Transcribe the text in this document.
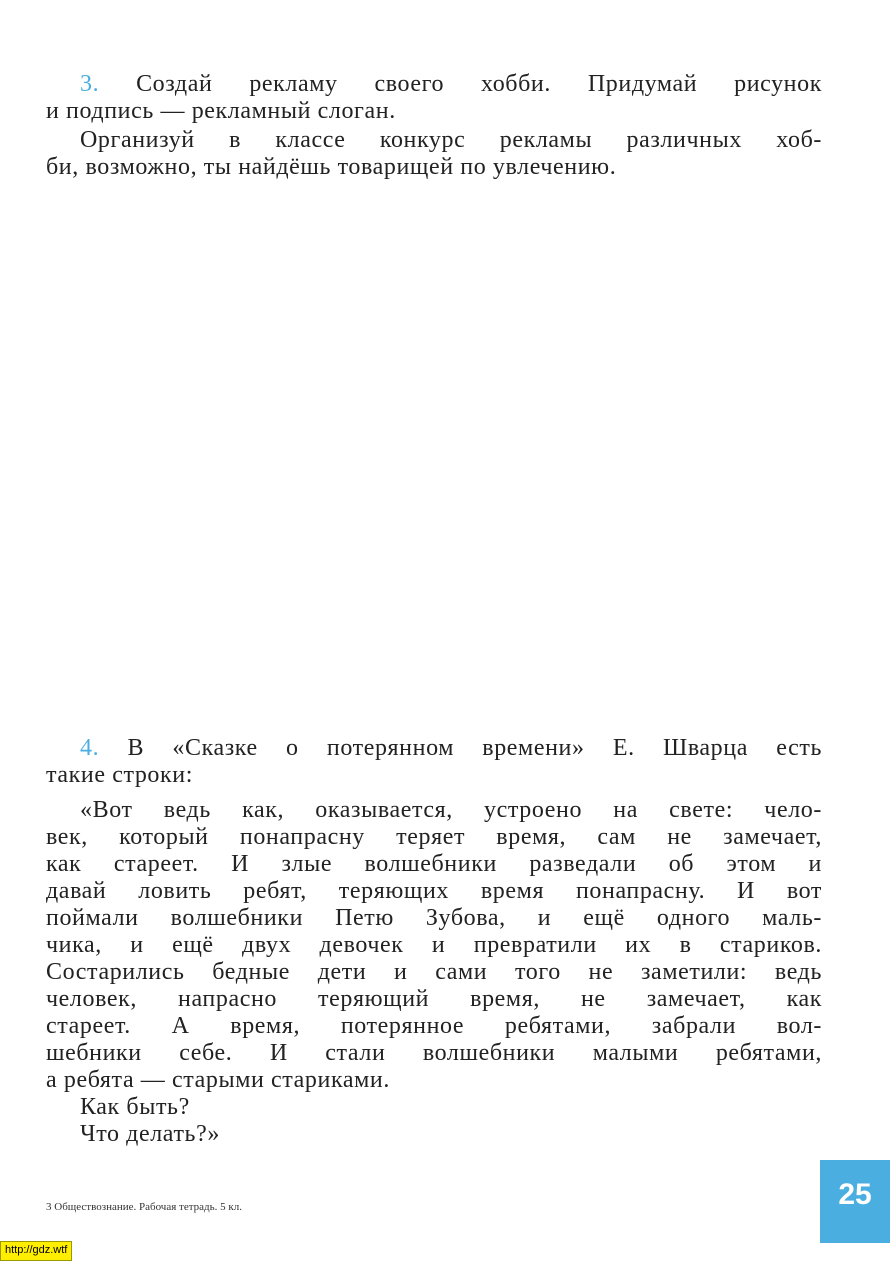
3. Создай рекламу своего хобби. Придумай рисунок
и подпись — рекламный слоган.
Организуй в классе конкурс рекламы различных хоб-
би, возможно, ты найдёшь товарищей по увлечению.
4. В «Сказке о потерянном времени» Е. Шварца есть
такие строки:
«Вот ведь как, оказывается, устроено на свете: чело-
век, который понапрасну теряет время, сам не замечает,
как стареет. И злые волшебники разведали об этом и
давай ловить ребят, теряющих время понапрасну. И вот
поймали волшебники Петю Зубова, и ещё одного маль-
чика, и ещё двух девочек и превратили их в стариков.
Состарились бедные дети и сами того не заметили: ведь
человек, напрасно теряющий время, не замечает, как
стареет. А время, потерянное ребятами, забрали вол-
шебники себе. И стали волшебники малыми ребятами,
а ребята — старыми стариками.
Как быть?
Что делать?»
3 Обществознание. Рабочая тетрадь. 5 кл.	25
http://gdz.wtf
